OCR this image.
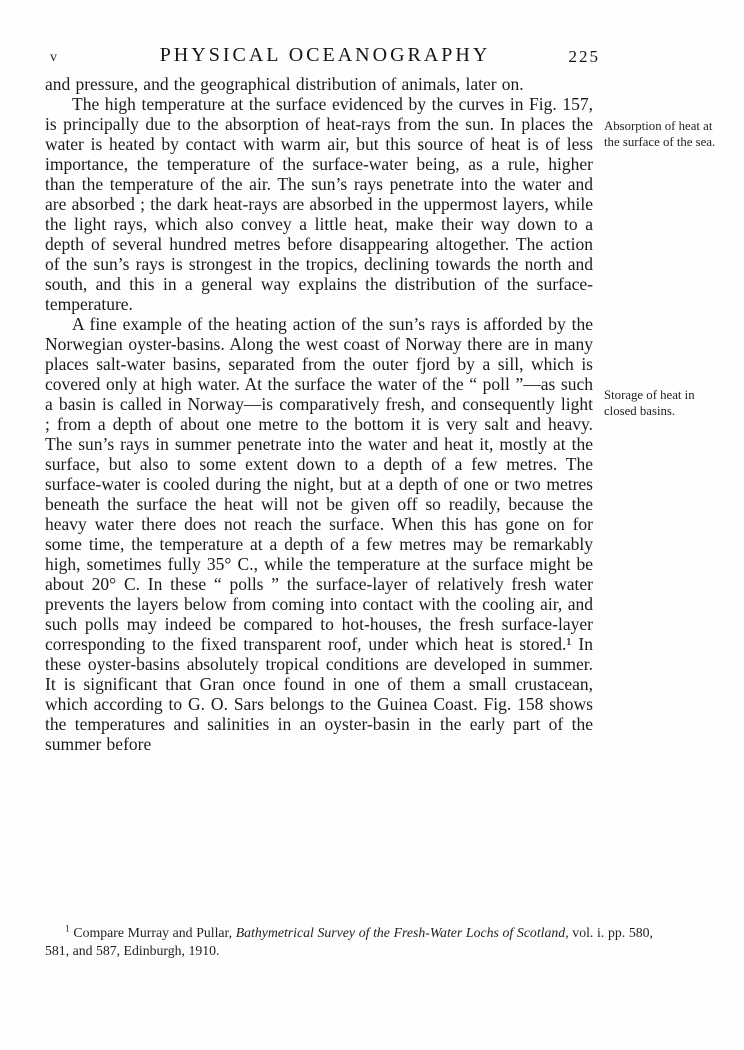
v	PHYSICAL OCEANOGRAPHY	225

and pressure, and the geographical distribution of animals, later on.

The high temperature at the surface evidenced by the curves in Fig. 157, is principally due to the absorption of heat-rays from the sun. In places the water is heated by contact with warm air, but this source of heat is of less importance, the temperature of the surface-water being, as a rule, higher than the temperature of the air. The sun’s rays penetrate into the water and are absorbed ; the dark heat-rays are absorbed in the uppermost layers, while the light rays, which also convey a little heat, make their way down to a depth of several hundred metres before disappearing altogether. The action of the sun’s rays is strongest in the tropics, declining towards the north and south, and this in a general way explains the distribution of the surface-temperature.

A fine example of the heating action of the sun’s rays is afforded by the Norwegian oyster-basins. Along the west coast of Norway there are in many places salt-water basins, separated from the outer fjord by a sill, which is covered only at high water. At the surface the water of the “ poll ”—as such a basin is called in Norway—is comparatively fresh, and consequently light ; from a depth of about one metre to the bottom it is very salt and heavy. The sun’s rays in summer penetrate into the water and heat it, mostly at the surface, but also to some extent down to a depth of a few metres. The surface-water is cooled during the night, but at a depth of one or two metres beneath the surface the heat will not be given off so readily, because the heavy water there does not reach the surface. When this has gone on for some time, the temperature at a depth of a few metres may be remarkably high, sometimes fully 35° C., while the temperature at the surface might be about 20° C. In these “ polls ” the surface-layer of relatively fresh water prevents the layers below from coming into contact with the cooling air, and such polls may indeed be compared to hot-houses, the fresh surface-layer corresponding to the fixed transparent roof, under which heat is stored.¹ In these oyster-basins absolutely tropical conditions are developed in summer. It is significant that Gran once found in one of them a small crustacean, which according to G. O. Sars belongs to the Guinea Coast. Fig. 158 shows the temperatures and salinities in an oyster-basin in the early part of the summer before

Absorption of heat at the surface of the sea.
Storage of heat in closed basins.
$^1$ Compare Murray and Pullar, Bathymetrical Survey of the Fresh-Water Lochs of Scotland, vol. i. pp. 580, 581, and 587, Edinburgh, 1910.
